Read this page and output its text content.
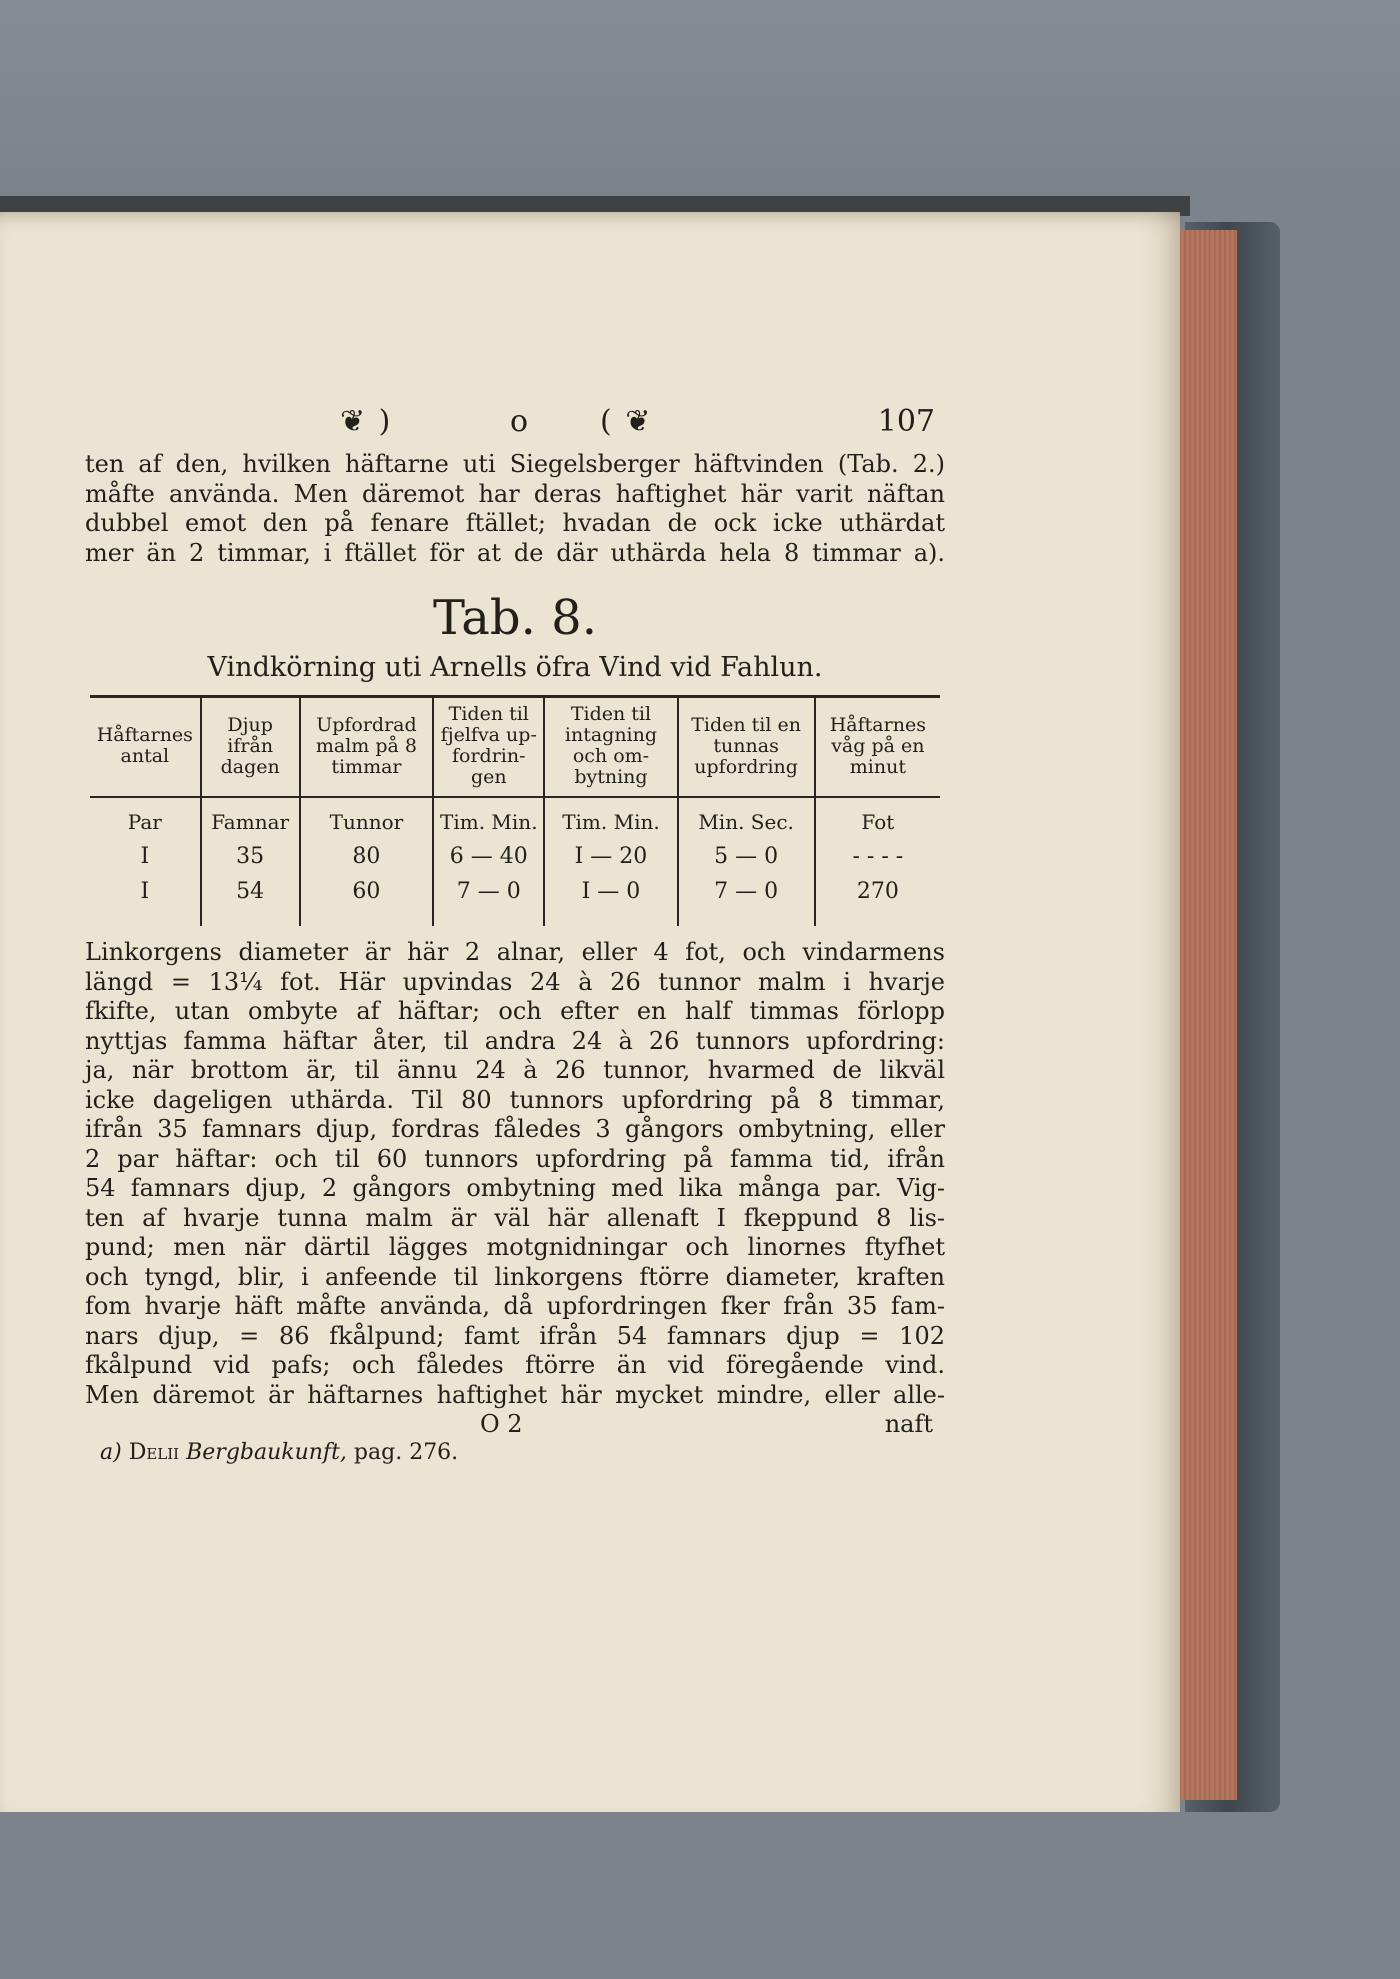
❦ )	o ( ❦	107

ten af den, hvilken häftarne uti Siegelsberger häftvinden (Tab. 2.)
måfte använda. Men däremot har deras haftighet här varit näftan
dubbel emot den på fenare ftället; hvadan de ock icke uthärdat
mer än 2 timmar, i ftället för at de där uthärda hela 8 timmar a).

Tab. 8.
Vindkörning uti Arnells öfra Vind vid Fahlun.
Håftarnes antal	Djup ifrån dagen	Upfordrad malm på 8 timmar	Tiden til fjelfva up-fordrin-gen	Tiden til intagning och om-bytning	Tiden til en tunnas upfordring	Håftarnes våg på en minut
Par	Famnar	Tunnor	Tim. Min.	Tim. Min.	Min. Sec.	Fot
I	35	80	6 — 40	I — 20	5 — 0	- - - -
I	54	60	7 — 0	I — 0	7 — 0	270

Linkorgens diameter är här 2 alnar, eller 4 fot, och vindarmens
längd = 13¼ fot. Här upvindas 24 à 26 tunnor malm i hvarje
fkifte, utan ombyte af häftar; och efter en half timmas förlopp
nyttjas famma häftar åter, til andra 24 à 26 tunnors upfordring:
ja, när brottom är, til ännu 24 à 26 tunnor, hvarmed de likväl
icke dageligen uthärda. Til 80 tunnors upfordring på 8 timmar,
ifrån 35 famnars djup, fordras fåledes 3 gångors ombytning, eller
2 par häftar: och til 60 tunnors upfordring på famma tid, ifrån
54 famnars djup, 2 gångors ombytning med lika många par. Vig-
ten af hvarje tunna malm är väl här allenaft I fkeppund 8 lis-
pund; men när därtil lägges motgnidningar och linornes ftyfhet
och tyngd, blir, i anfeende til linkorgens ftörre diameter, kraften
fom hvarje häft måfte använda, då upfordringen fker från 35 fam-
nars djup, = 86 fkålpund; famt ifrån 54 famnars djup = 102
fkålpund vid pafs; och fåledes ftörre än vid föregående vind.
Men däremot är häftarnes haftighet här mycket mindre, eller alle-

O 2	naft
a) Delii Bergbaukunft, pag. 276.
